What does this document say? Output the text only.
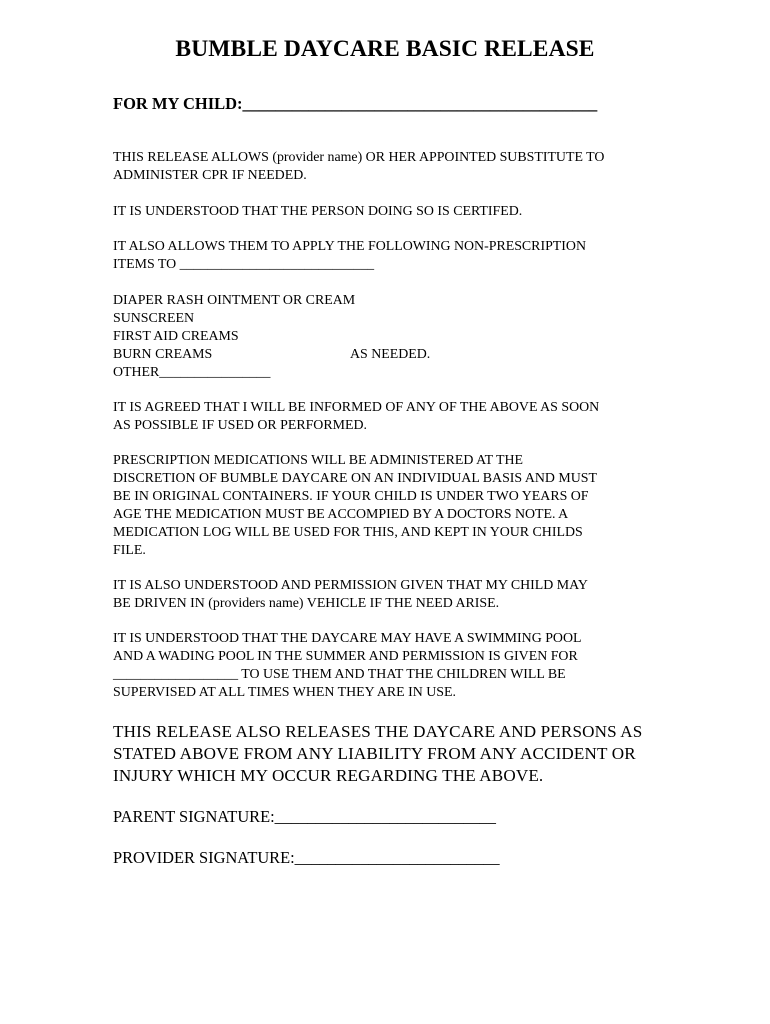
BUMBLE DAYCARE BASIC RELEASE

FOR MY CHILD:___________________________________________

THIS RELEASE ALLOWS (provider name) OR HER APPOINTED SUBSTITUTE TO
ADMINISTER CPR IF NEEDED.

IT IS UNDERSTOOD THAT THE PERSON DOING SO IS CERTIFED.

IT ALSO ALLOWS THEM TO APPLY THE FOLLOWING NON-PRESCRIPTION
ITEMS TO ____________________________

DIAPER RASH OINTMENT OR CREAM
SUNSCREEN
FIRST AID CREAMS
BURN CREAMS
OTHER________________

AS NEEDED.

IT IS AGREED THAT I WILL BE INFORMED OF ANY OF THE ABOVE AS SOON
AS POSSIBLE IF USED OR PERFORMED.

PRESCRIPTION MEDICATIONS WILL BE ADMINISTERED AT THE
DISCRETION OF BUMBLE DAYCARE ON AN INDIVIDUAL BASIS AND MUST
BE IN ORIGINAL CONTAINERS. IF YOUR CHILD IS UNDER TWO YEARS OF
AGE THE MEDICATION MUST BE ACCOMPIED BY A DOCTORS NOTE. A
MEDICATION LOG WILL BE USED FOR THIS, AND KEPT IN YOUR CHILDS
FILE.

IT IS ALSO UNDERSTOOD AND PERMISSION GIVEN THAT MY CHILD MAY
BE DRIVEN IN (providers name) VEHICLE IF THE NEED ARISE.

IT IS UNDERSTOOD THAT THE DAYCARE MAY HAVE A SWIMMING POOL
AND A WADING POOL IN THE SUMMER AND PERMISSION IS GIVEN FOR
__________________ TO USE THEM AND THAT THE CHILDREN WILL BE
SUPERVISED AT ALL TIMES WHEN THEY ARE IN USE.

THIS RELEASE ALSO RELEASES THE DAYCARE AND PERSONS AS
STATED ABOVE FROM ANY LIABILITY FROM ANY ACCIDENT OR
INJURY WHICH MY OCCUR REGARDING THE ABOVE.

PARENT SIGNATURE:___________________________

PROVIDER SIGNATURE:_________________________
